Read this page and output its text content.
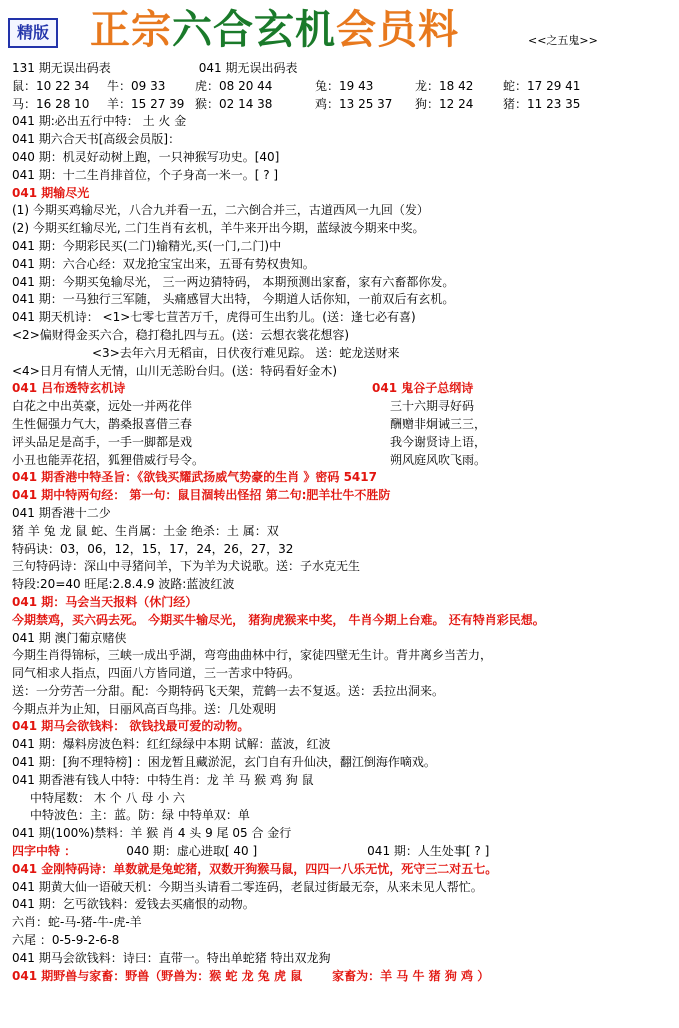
精版 正宗六合玄机会员料	<<之五鬼>>
131 期无误出码表	041 期无误出码表
鼠：10 22 34	牛：09 33	虎：08 20 44	兔：19 43	龙：18 42	蛇：17 29 41
马：16 28 10	羊：15 27 39 猴：02 14 38	鸡：13 25 37	狗：12 24	猪：11 23 35
041 期:必出五行中特： 土 火 金
041 期六合天书[高级会员版]：
040 期：机灵好动树上跑，一只神猴写功史。[40]
041 期：十二生肖排首位，个子身高一米一。[ ? ]
041 期输尽光
(1) 今期买鸡输尽光，八合九并看一五，二六倒合并三，古道西风一九回（发）
(2) 今期买红输尽光, 二门生肖有玄机，羊牛来开出今期，蓝绿波今期来中奖。
041 期：今期彩民买(二门)输精光,买(一门,二门)中
041 期：六合心经：双龙抢宝宝出来，五哥有势权贵知。
041 期：今期买兔输尽光， 三一两边猜特码， 本期预测出家畜，家有六畜都你发。
041 期：一马独行三军随， 头痛感冒大出特， 今期道人话你知，一前双后有玄机。
041 期天机诗： <1>七零七荁苦万千，虎得可生出豹儿。(送：逢七必有喜)
<2>偏财得金买六合，稳打稳扎四与五。(送：云想衣裳花想容)
<3>去年六月无稻亩，日伏夜行难见踪。 送：蛇龙送财来
<4>日月有情人无情，山川无恙盼台归。(送：特码看好金木)
041 吕布透特玄机诗	041 鬼谷子总纲诗
白花之中出英豪，远处一并两花伴	三十六期寻好码
生性倔强力气大，鹊桑报喜借三春	酬赠非炯诫三三，
评头品足是高手，一手一脚都是戏	我今谢贤诗上语，
小丑也能弄花招，狐狸借威行号令。	朔风庭风吹飞雨。
041 期香港中特圣旨：《欲钱买耀武扬威气势豪的生肖 》密码 5417
041 期中特两句经： 第一句：鼠目涸转出怪招 第二句:肥羊壮牛不胜防
041 期香港十二少
猪 羊 兔 龙 鼠 蛇、生肖属：土金 绝杀：土 属：双
特码诀：03，06，12，15，17，24，26，27，32
三句特码诗：深山中寻猪问羊，下为羊为犬说歌。送：子水克无生
特段:20=40 旺尾:2.8.4.9 波路:蓝波红波
041 期：马会当天报料（休门经）
今期禁鸡，买六码去死。 今期买牛输尽光， 猪狗虎猴来中奖， 牛肖今期上台难。 还有特肖彩民想。
041 期 澳门葡京赌侠
今期生肖得锦标，三峡一成出乎湖，弯弯曲曲林中行，家徒四壁无生计。背井离乡当苦力，
同气相求人指点，四面八方皆同道，三一苦求中特码。
送：一分劳苦一分甜。配：今期特码飞天架，荒鹤一去不复返。送：丢拉出洞来。
今期点并为止知，日丽风高百鸟排。送：几处观明
041 期马会欲钱料： 欲钱找最可爱的动物。
041 期：爆料房波色料：红红绿绿中本期 试解：蓝波，红波
041 期：[狗不理特榜] ：困龙暂且藏淤泥，玄门自有升仙决，翻江倒海作嘀戏。
041 期香港有钱人中特：中特生肖：龙 羊 马 猴 鸡 狗 鼠
中特尾数： 木 个 八 母 小 六
中特波色：主：蓝。防：绿 中特单双：单
041 期(100%)禁料：羊 猴 肖 4 头 9 尾 05 合 金行
四字中特 ：	040 期：虚心进取[ 40 ]	041 期：人生处事[ ? ]
041 金刚特码诗：单数就是兔蛇猪，双数开狗猴马鼠，四四一八乐无忧，死守三二对五七。
041 期黄大仙一语破天机：今期当头请看二零连码，老鼠过街最无奈，从来未见人帮忙。
041 期：乞丐欲钱料：爱钱去买痛恨的动物。
六肖：蛇-马-猪-牛-虎-羊
六尾 ：0-5-9-2-6-8
041 期马会欲钱料：诗曰：直带一。特出单蛇猪 特出双龙狗
041 期野兽与家畜：野兽（野兽为：猴 蛇 龙 兔 虎 鼠	家畜为：羊 马 牛 猪 狗 鸡 ）
